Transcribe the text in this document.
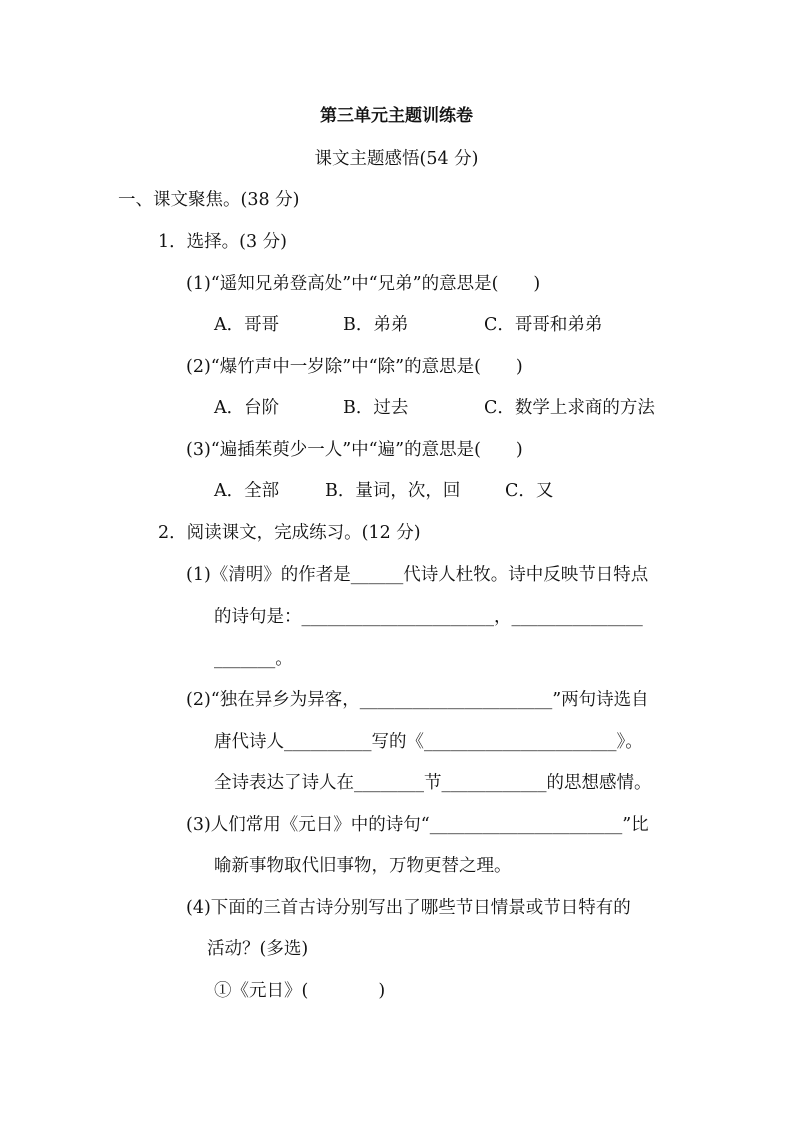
第三单元主题训练卷
课文主题感悟(54 分)
一、课文聚焦。(38 分)
1．选择。(3 分)
(1)“遥知兄弟登高处”中“兄弟”的意思是(　　)
A．哥哥	B．弟弟	C．哥哥和弟弟
(2)“爆竹声中一岁除”中“除”的意思是(　　)
A．台阶	B．过去	C．数学上求商的方法
(3)“遍插茱萸少一人”中“遍”的意思是(　　)
A．全部	B．量词，次，回	C．又
2．阅读课文，完成练习。(12 分)
(1)《清明》的作者是______代诗人杜牧。诗中反映节日特点
的诗句是：______________________，_______________
_______。
(2)“独在异乡为异客，______________________”两句诗选自
唐代诗人__________写的《______________________》。
全诗表达了诗人在________节____________的思想感情。
(3)人们常用《元日》中的诗句“______________________”比
喻新事物取代旧事物，万物更替之理。
(4)下面的三首古诗分别写出了哪些节日情景或节日特有的
活动？(多选)
①《元日》(　　　　)
